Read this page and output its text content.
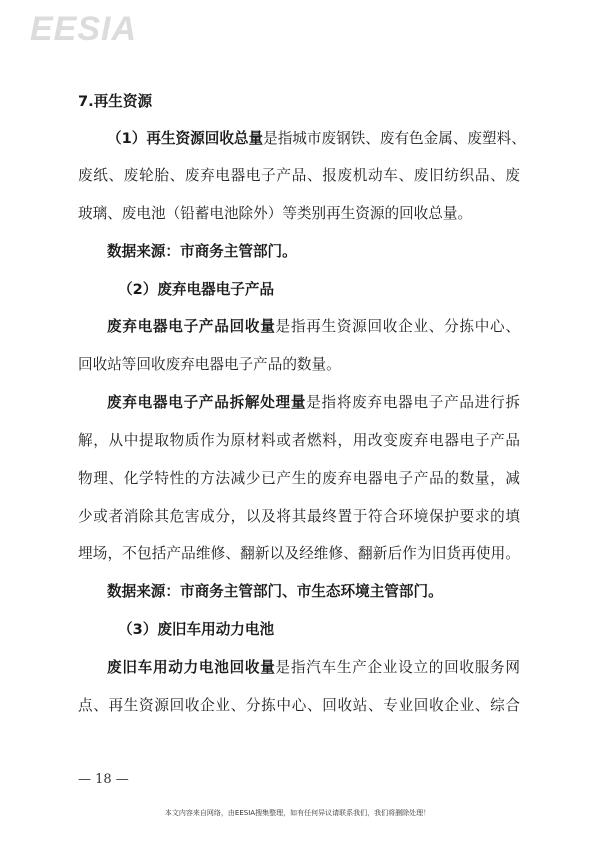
EESIA
7.再生资源
（1）再生资源回收总量是指城市废钢铁、废有色金属、废塑料、
废纸、废轮胎、废弃电器电子产品、报废机动车、废旧纺织品、废
玻璃、废电池（铅蓄电池除外）等类别再生资源的回收总量。
数据来源：市商务主管部门。
（2）废弃电器电子产品
废弃电器电子产品回收量是指再生资源回收企业、分拣中心、
回收站等回收废弃电器电子产品的数量。
废弃电器电子产品拆解处理量是指将废弃电器电子产品进行拆
解，从中提取物质作为原材料或者燃料，用改变废弃电器电子产品
物理、化学特性的方法减少已产生的废弃电器电子产品的数量，减
少或者消除其危害成分，以及将其最终置于符合环境保护要求的填
埋场，不包括产品维修、翻新以及经维修、翻新后作为旧货再使用。
数据来源：市商务主管部门、市生态环境主管部门。
（3）废旧车用动力电池
废旧车用动力电池回收量是指汽车生产企业设立的回收服务网
点、再生资源回收企业、分拣中心、回收站、专业回收企业、综合
— 18 —
本文内容来自网络，由EESIA搜集整理，如有任何异议请联系我们，我们将删除处理！
